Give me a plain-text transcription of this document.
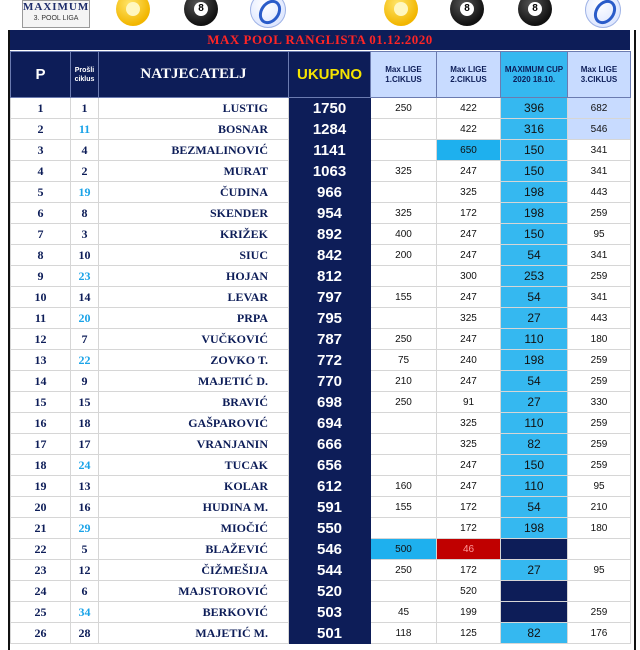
MAXIMUM
3. POOL LIGA
8
8
8
MAX POOL RANGLISTA 01.12.2020
P	Prošli ciklus	NATJECATELJ	UKUPNO	Max LIGE 1.CIKLUS	Max LIGE 2.CIKLUS	MAXIMUM CUP 2020 18.10.	Max LIGE 3.CIKLUS
1	1	LUSTIG	1750	250	422	396	682
2	11	BOSNAR	1284		422	316	546
3	4	BEZMALINOVIĆ	1141		650	150	341
4	2	MURAT	1063	325	247	150	341
5	19	ČUDINA	966		325	198	443
6	8	SKENDER	954	325	172	198	259
7	3	KRIŽEK	892	400	247	150	95
8	10	SIUC	842	200	247	54	341
9	23	HOJAN	812		300	253	259
10	14	LEVAR	797	155	247	54	341
11	20	PRPA	795		325	27	443
12	7	VUČKOVIĆ	787	250	247	110	180
13	22	ZOVKO T.	772	75	240	198	259
14	9	MAJETIĆ D.	770	210	247	54	259
15	15	BRAVIĆ	698	250	91	27	330
16	18	GAŠPAROVIĆ	694		325	110	259
17	17	VRANJANIN	666		325	82	259
18	24	TUCAK	656		247	150	259
19	13	KOLAR	612	160	247	110	95
20	16	HUDINA M.	591	155	172	54	210
21	29	MIOČIĆ	550		172	198	180
22	5	BLAŽEVIĆ	546	500	46		
23	12	ČIŽMEŠIJA	544	250	172	27	95
24	6	MAJSTOROVIĆ	520		520		
25	34	BERKOVIĆ	503	45	199		259
26	28	MAJETIĆ M.	501	118	125	82	176
